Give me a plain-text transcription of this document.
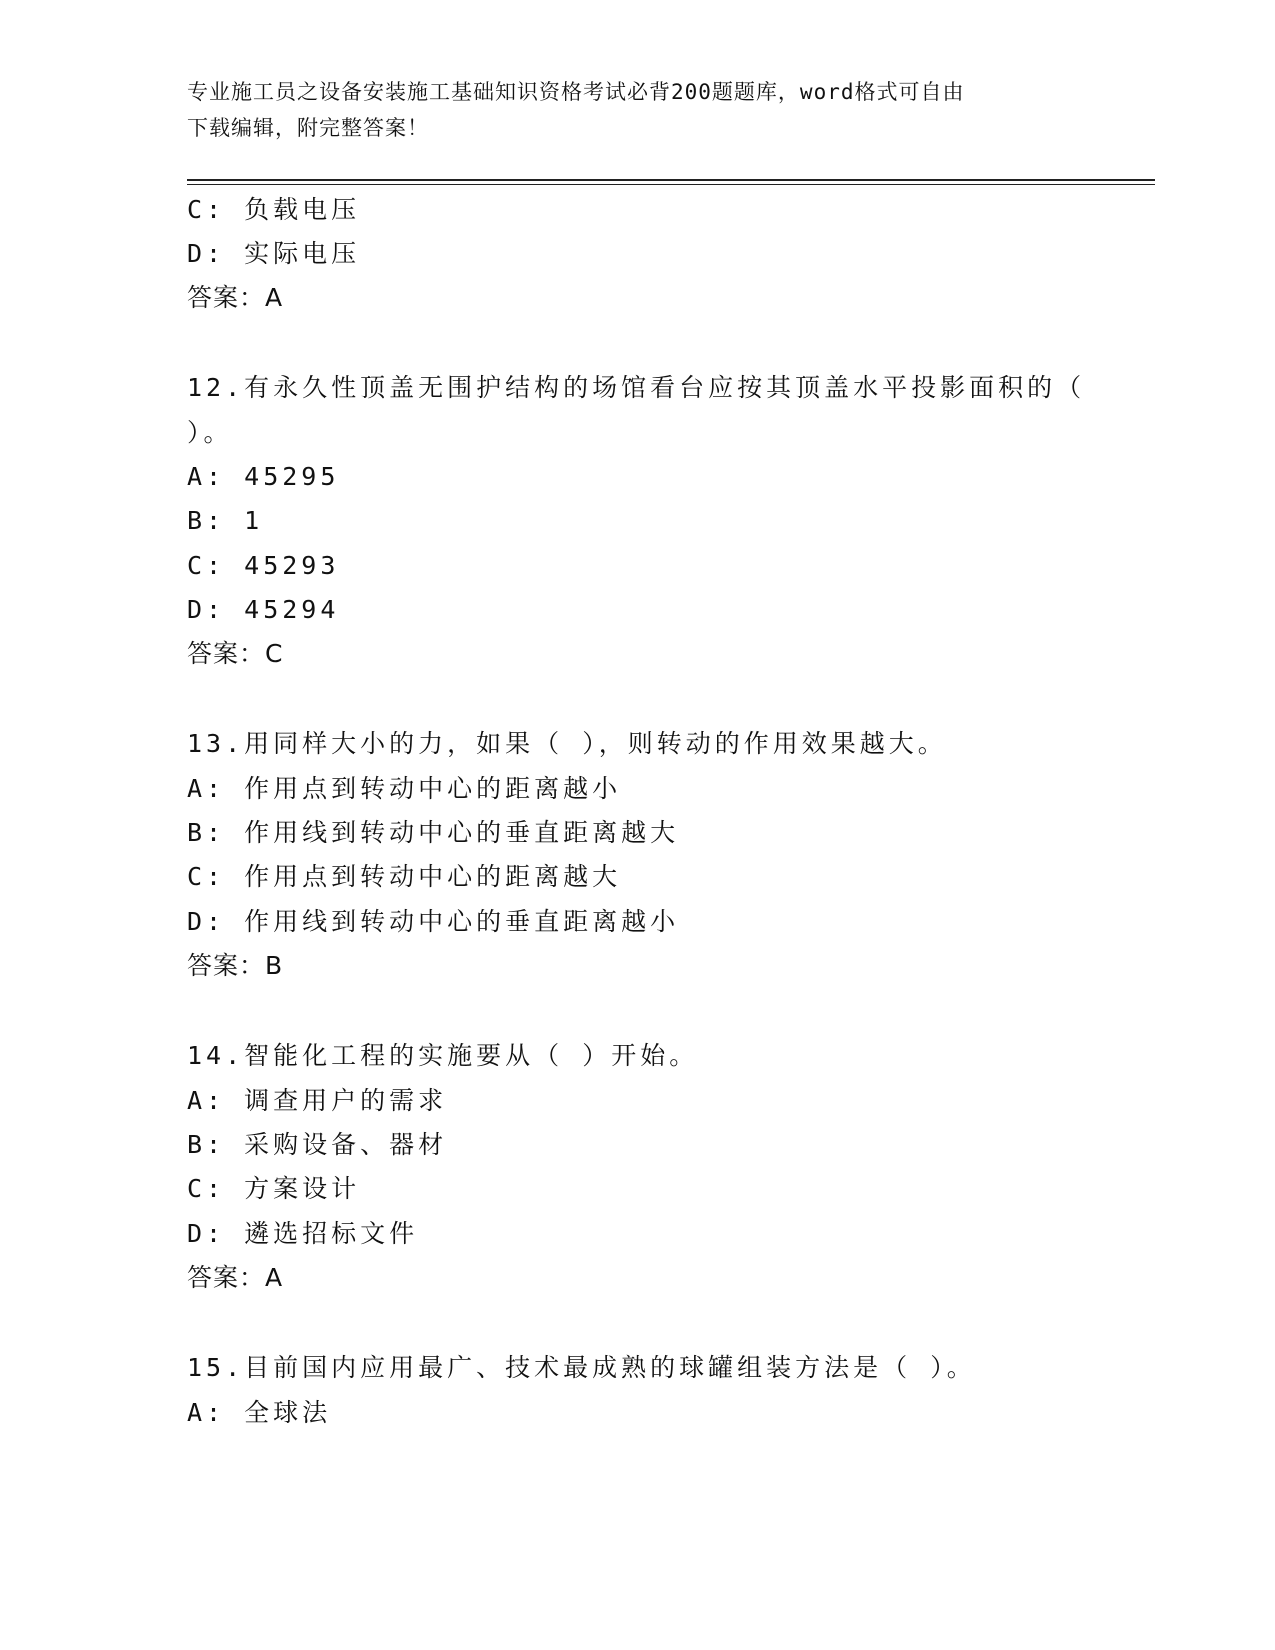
专业施工员之设备安装施工基础知识资格考试必背200题题库，word格式可自由
下载编辑，附完整答案！
C: 负载电压
D: 实际电压
答案：A
12.有永久性顶盖无围护结构的场馆看台应按其顶盖水平投影面积的（
）。
A: 45295
B: 1
C: 45293
D: 45294
答案：C
13.用同样大小的力，如果（ ），则转动的作用效果越大。
A: 作用点到转动中心的距离越小
B: 作用线到转动中心的垂直距离越大
C: 作用点到转动中心的距离越大
D: 作用线到转动中心的垂直距离越小
答案：B
14.智能化工程的实施要从（ ）开始。
A: 调查用户的需求
B: 采购设备、器材
C: 方案设计
D: 遴选招标文件
答案：A
15.目前国内应用最广、技术最成熟的球罐组装方法是（ ）。
A: 全球法
